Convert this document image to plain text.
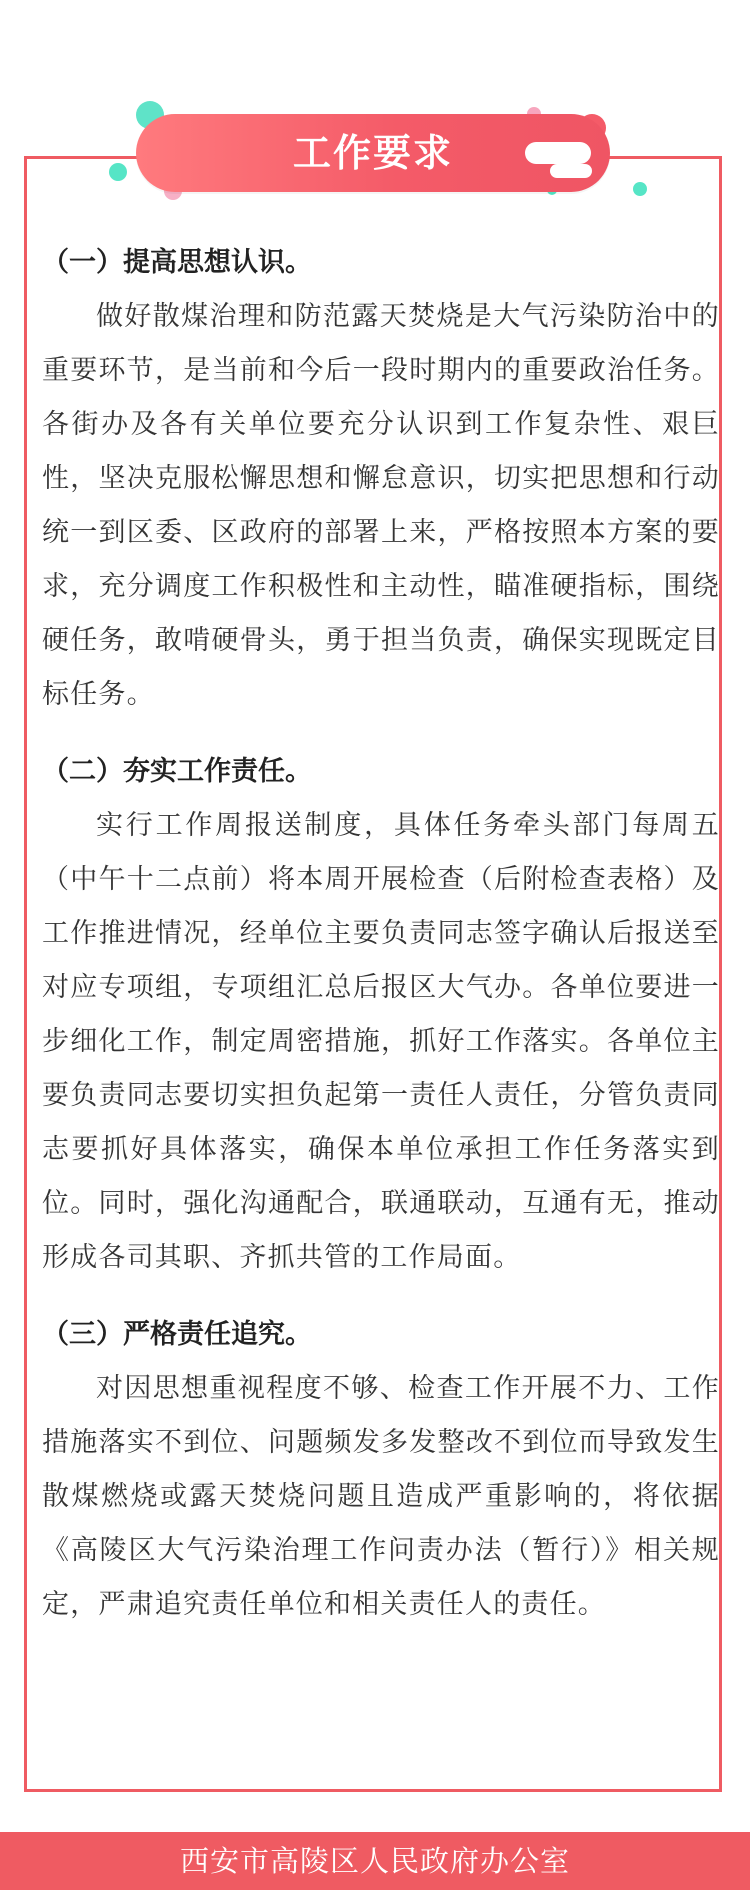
工作要求

（一）提高思想认识。

做好散煤治理和防范露天焚烧是大气污染防治中的重要环节，是当前和今后一段时期内的重要政治任务。各街办及各有关单位要充分认识到工作复杂性、艰巨性，坚决克服松懈思想和懈怠意识，切实把思想和行动统一到区委、区政府的部署上来，严格按照本方案的要求，充分调度工作积极性和主动性，瞄准硬指标，围绕硬任务，敢啃硬骨头，勇于担当负责，确保实现既定目标任务。

（二）夯实工作责任。

实行工作周报送制度，具体任务牵头部门每周五（中午十二点前）将本周开展检查（后附检查表格）及工作推进情况，经单位主要负责同志签字确认后报送至对应专项组，专项组汇总后报区大气办。各单位要进一步细化工作，制定周密措施，抓好工作落实。各单位主要负责同志要切实担负起第一责任人责任，分管负责同志要抓好具体落实，确保本单位承担工作任务落实到位。同时，强化沟通配合，联通联动，互通有无，推动形成各司其职、齐抓共管的工作局面。

（三）严格责任追究。

对因思想重视程度不够、检查工作开展不力、工作措施落实不到位、问题频发多发整改不到位而导致发生散煤燃烧或露天焚烧问题且造成严重影响的，将依据《高陵区大气污染治理工作问责办法（暂行）》相关规定，严肃追究责任单位和相关责任人的责任。

西安市高陵区人民政府办公室
